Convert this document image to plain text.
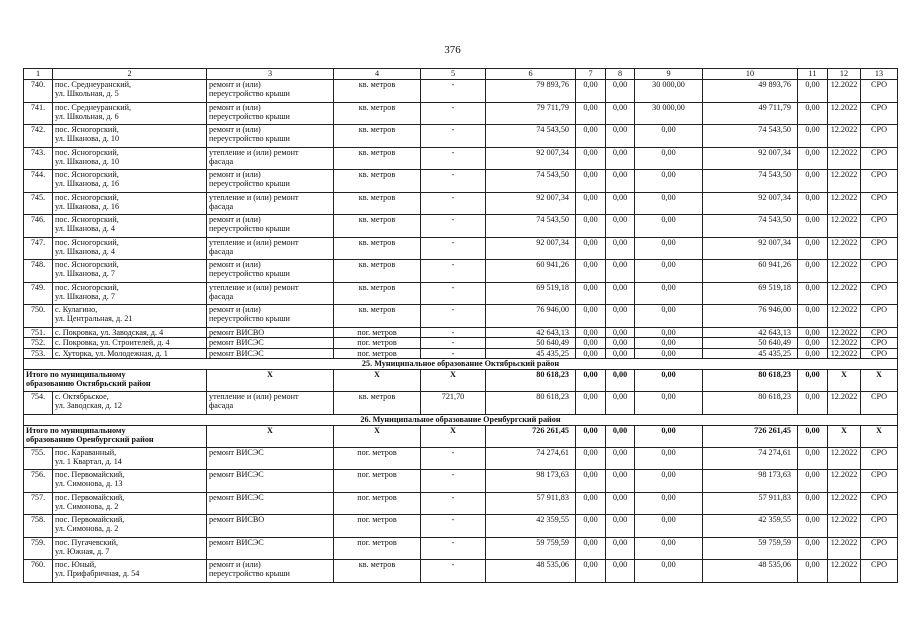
376
1	2	3	4	5	6	7	8	9	10	11	12	13
740.	пос. Среднеуранский,
ул. Школьная, д. 5	ремонт и (или)
переустройство крыши	кв. метров	-	79 893,76	0,00	0,00	30 000,00	49 893,76	0,00	12.2022	СРО
741.	пос. Среднеуранский,
ул. Школьная, д. 6	ремонт и (или)
переустройство крыши	кв. метров	-	79 711,79	0,00	0,00	30 000,00	49 711,79	0,00	12.2022	СРО
742.	пос. Ясногорский,
ул. Шканова, д. 10	ремонт и (или)
переустройство крыши	кв. метров	-	74 543,50	0,00	0,00	0,00	74 543,50	0,00	12.2022	СРО
743.	пос. Ясногорский,
ул. Шканова, д. 10	утепление и (или) ремонт
фасада	кв. метров	-	92 007,34	0,00	0,00	0,00	92 007,34	0,00	12.2022	СРО
744.	пос. Ясногорский,
ул. Шканова, д. 16	ремонт и (или)
переустройство крыши	кв. метров	-	74 543,50	0,00	0,00	0,00	74 543,50	0,00	12.2022	СРО
745.	пос. Ясногорский,
ул. Шканова, д. 16	утепление и (или) ремонт
фасада	кв. метров	-	92 007,34	0,00	0,00	0,00	92 007,34	0,00	12.2022	СРО
746.	пос. Ясногорский,
ул. Шканова, д. 4	ремонт и (или)
переустройство крыши	кв. метров	-	74 543,50	0,00	0,00	0,00	74 543,50	0,00	12.2022	СРО
747.	пос. Ясногорский,
ул. Шканова, д. 4	утепление и (или) ремонт
фасада	кв. метров	-	92 007,34	0,00	0,00	0,00	92 007,34	0,00	12.2022	СРО
748.	пос. Ясногорский,
ул. Шканова, д. 7	ремонт и (или)
переустройство крыши	кв. метров	-	60 941,26	0,00	0,00	0,00	60 941,26	0,00	12.2022	СРО
749.	пос. Ясногорский,
ул. Шканова, д. 7	утепление и (или) ремонт
фасада	кв. метров	-	69 519,18	0,00	0,00	0,00	69 519,18	0,00	12.2022	СРО
750.	с. Кулагино,
ул. Центральная, д. 21	ремонт и (или)
переустройство крыши	кв. метров	-	76 946,00	0,00	0,00	0,00	76 946,00	0,00	12.2022	СРО
751.	с. Покровка, ул. Заводская, д. 4	ремонт ВИСВО	пог. метров	-	42 643,13	0,00	0,00	0,00	42 643,13	0,00	12.2022	СРО
752.	с. Покровка, ул. Строителей, д. 4	ремонт ВИСЭС	пог. метров	-	50 640,49	0,00	0,00	0,00	50 640,49	0,00	12.2022	СРО
753.	с. Хуторка, ул. Молодежная, д. 1	ремонт ВИСЭС	пог. метров	-	45 435,25	0,00	0,00	0,00	45 435,25	0,00	12.2022	СРО
25. Муниципальное образование Октябрьский район												
Итого по муниципальному
образованию Октябрьский район		X	X	X	80 618,23	0,00	0,00	0,00	80 618,23	0,00	X	X
754.	с. Октябрьское,
ул. Заводская, д. 12	утепление и (или) ремонт
фасада	кв. метров	721,70	80 618,23	0,00	0,00	0,00	80 618,23	0,00	12.2022	СРО
26. Муниципальное образование Оренбургский район												
Итого по муниципальному
образованию Оренбургский район		X	X	X	726 261,45	0,00	0,00	0,00	726 261,45	0,00	X	X
755.	пос. Караванный,
ул. 1 Квартал, д. 14	ремонт ВИСЭС	пог. метров	-	74 274,61	0,00	0,00	0,00	74 274,61	0,00	12.2022	СРО
756.	пос. Первомайский,
ул. Симонова, д. 13	ремонт ВИСЭС	пог. метров	-	98 173,63	0,00	0,00	0,00	98 173,63	0,00	12.2022	СРО
757.	пос. Первомайский,
ул. Симонова, д. 2	ремонт ВИСЭС	пог. метров	-	57 911,83	0,00	0,00	0,00	57 911,83	0,00	12.2022	СРО
758.	пос. Первомайский,
ул. Симонова, д. 2	ремонт ВИСВО	пог. метров	-	42 359,55	0,00	0,00	0,00	42 359,55	0,00	12.2022	СРО
759.	пос. Пугачевский,
ул. Южная, д. 7	ремонт ВИСЭС	пог. метров	-	59 759,59	0,00	0,00	0,00	59 759,59	0,00	12.2022	СРО
760.	пос. Юный,
ул. Прифабричная, д. 54	ремонт и (или)
переустройство крыши	кв. метров	-	48 535,06	0,00	0,00	0,00	48 535,06	0,00	12.2022	СРО
